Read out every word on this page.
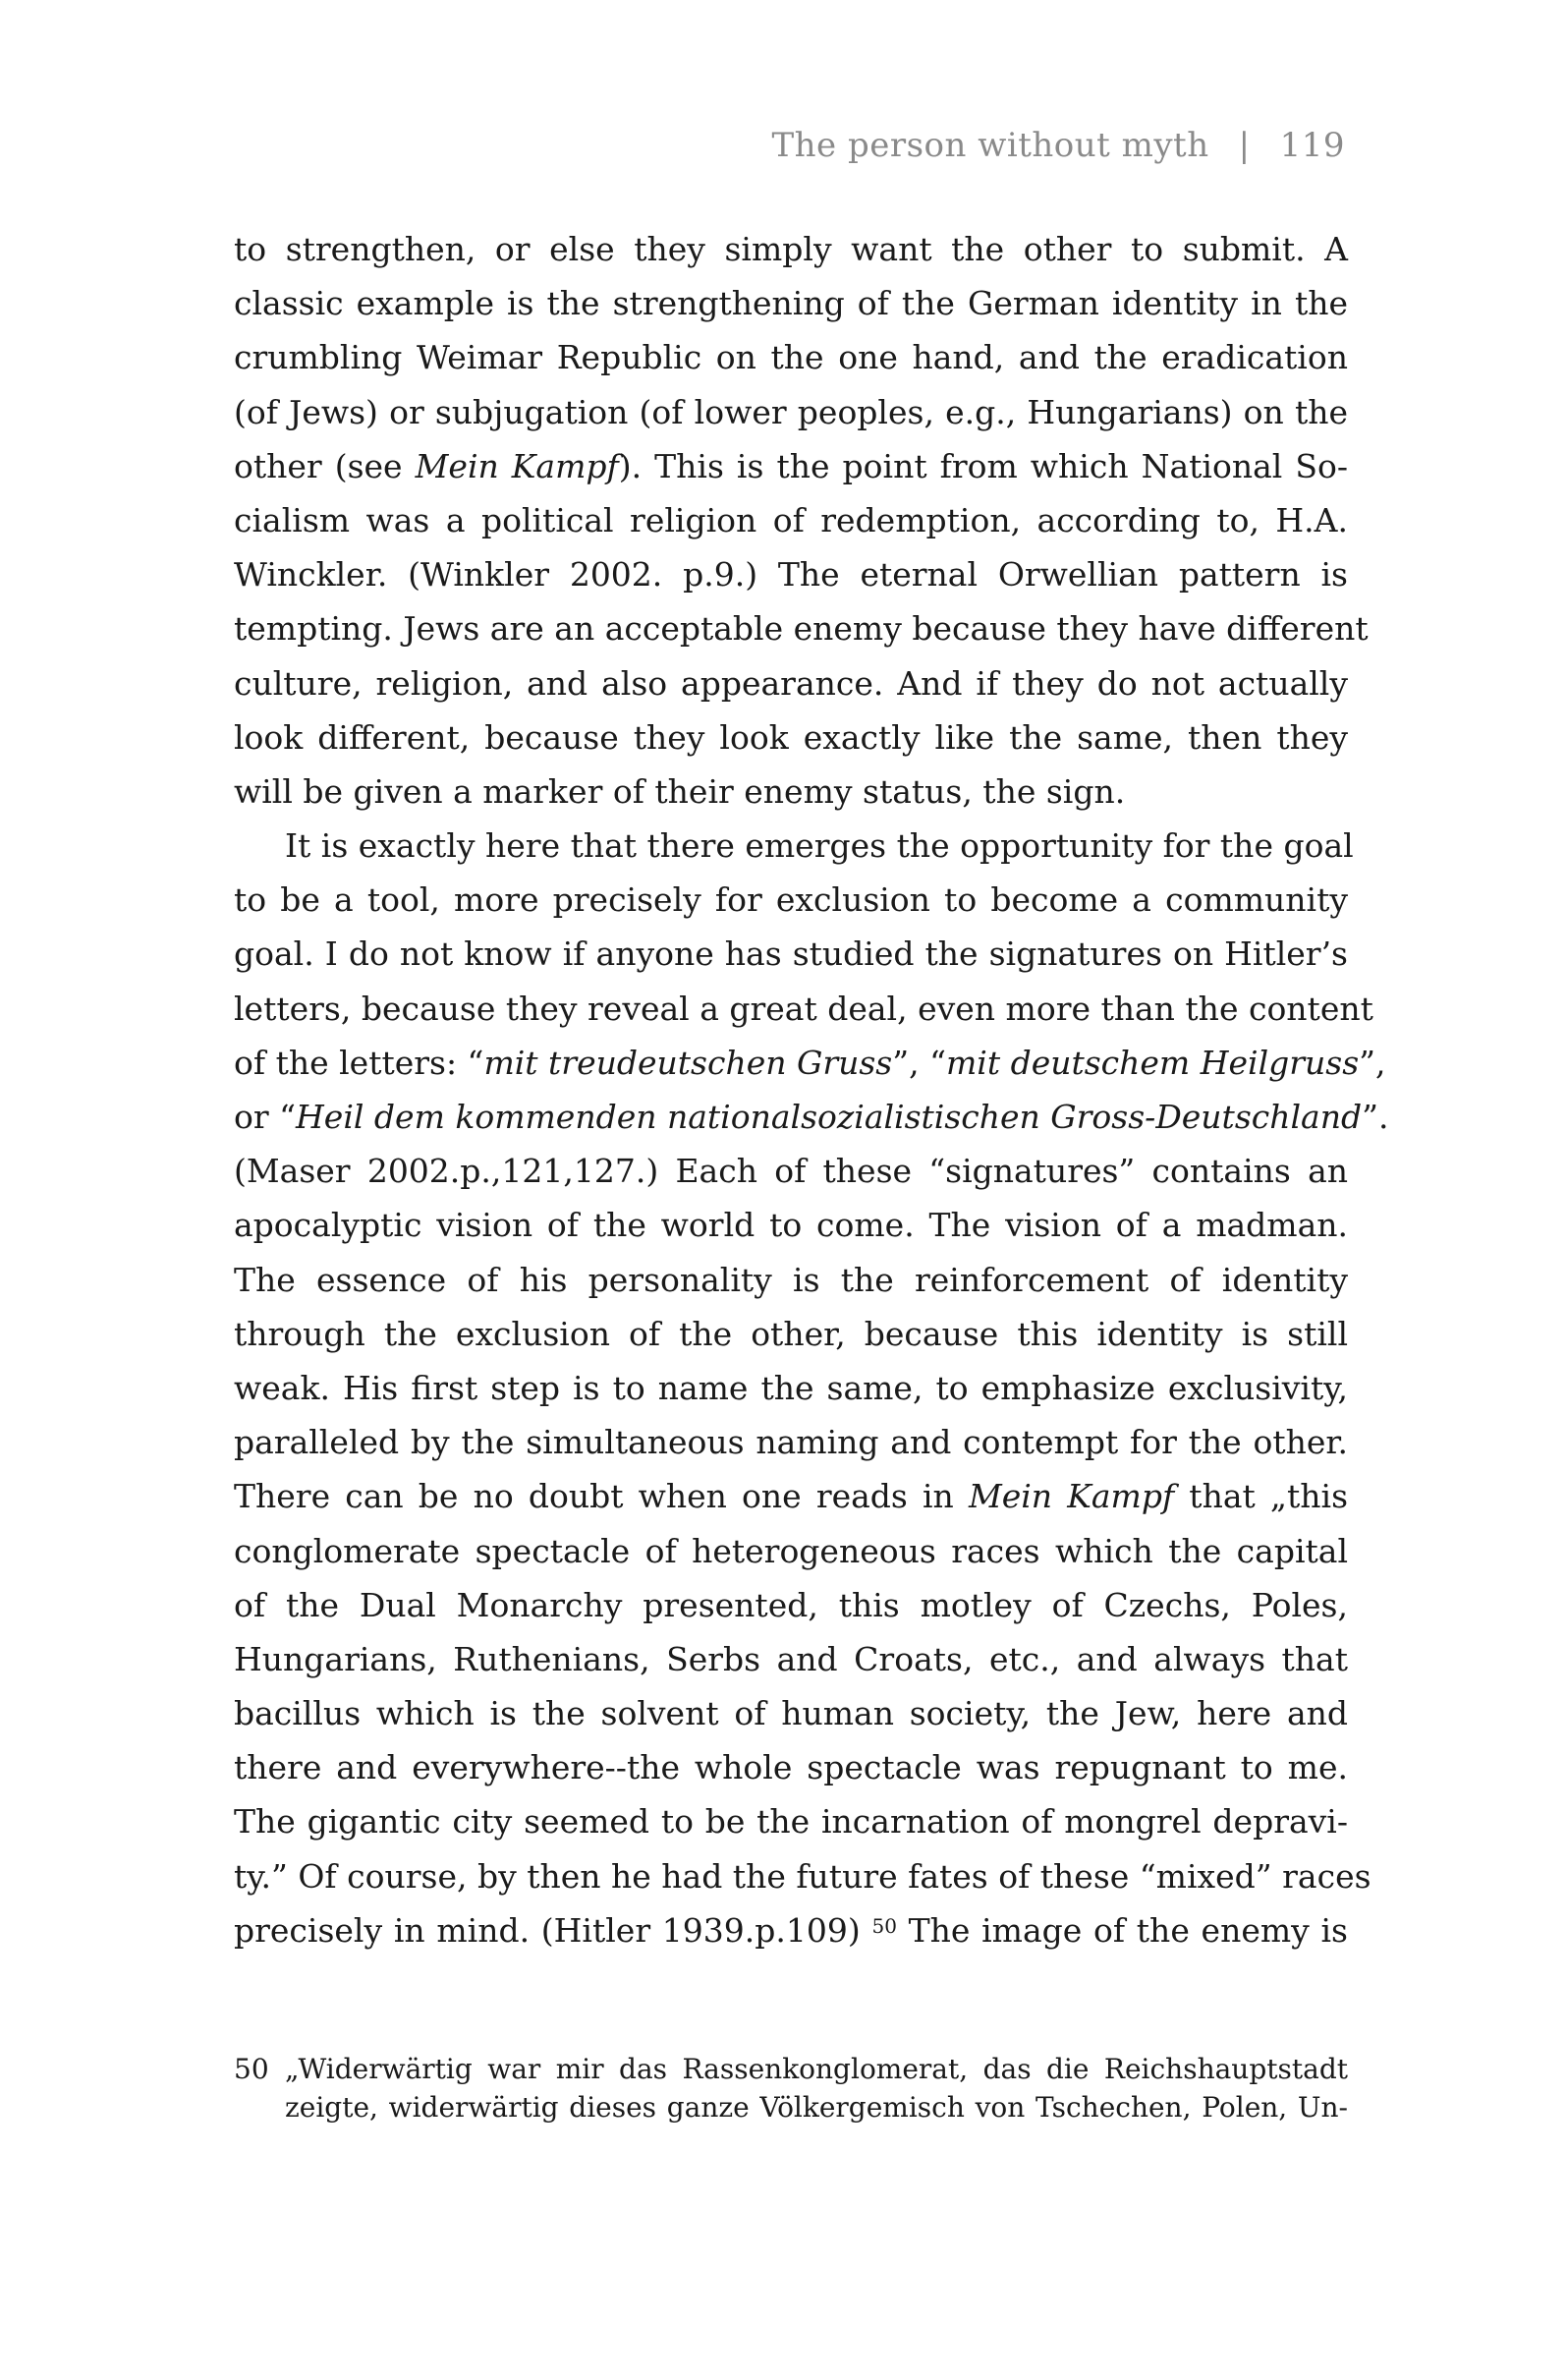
The person without myth | 119
to strengthen, or else they simply want the other to submit. A
classic example is the strengthening of the German identity in the
crumbling Weimar Republic on the one hand, and the eradication
(of Jews) or subjugation (of lower peoples, e.g., Hungarians) on the
other (see Mein Kampf). This is the point from which National So-
cialism was a political religion of redemption, according to, H.A.
Winckler. (Winkler 2002. p.9.) The eternal Orwellian pattern is
tempting. Jews are an acceptable enemy because they have different
culture, religion, and also appearance. And if they do not actually
look different, because they look exactly like the same, then they
will be given a marker of their enemy status, the sign.
It is exactly here that there emerges the opportunity for the goal
to be a tool, more precisely for exclusion to become a community
goal. I do not know if anyone has studied the signatures on Hitler’s
letters, because they reveal a great deal, even more than the content
of the letters: “mit treudeutschen Gruss”, “mit deutschem Heilgruss”,
or “Heil dem kommenden nationalsozialistischen Gross-Deutschland”.
(Maser 2002.p.,121,127.) Each of these “signatures” contains an
apocalyptic vision of the world to come. The vision of a madman.
The essence of his personality is the reinforcement of identity
through the exclusion of the other, because this identity is still
weak. His first step is to name the same, to emphasize exclusivity,
paralleled by the simultaneous naming and contempt for the other.
There can be no doubt when one reads in Mein Kampf that „this
conglomerate spectacle of heterogeneous races which the capital
of the Dual Monarchy presented, this motley of Czechs, Poles,
Hungarians, Ruthenians, Serbs and Croats, etc., and always that
bacillus which is the solvent of human society, the Jew, here and
there and everywhere--the whole spectacle was repugnant to me.
The gigantic city seemed to be the incarnation of mongrel depravi-
ty.” Of course, by then he had the future fates of these “mixed” races
precisely in mind. (Hitler 1939.p.109) $^{50}$ The image of the enemy is
50 „Widerwärtig war mir das Rassenkonglomerat, das die Reichshauptstadt
zeigte, widerwärtig dieses ganze Völkergemisch von Tschechen, Polen, Un-
